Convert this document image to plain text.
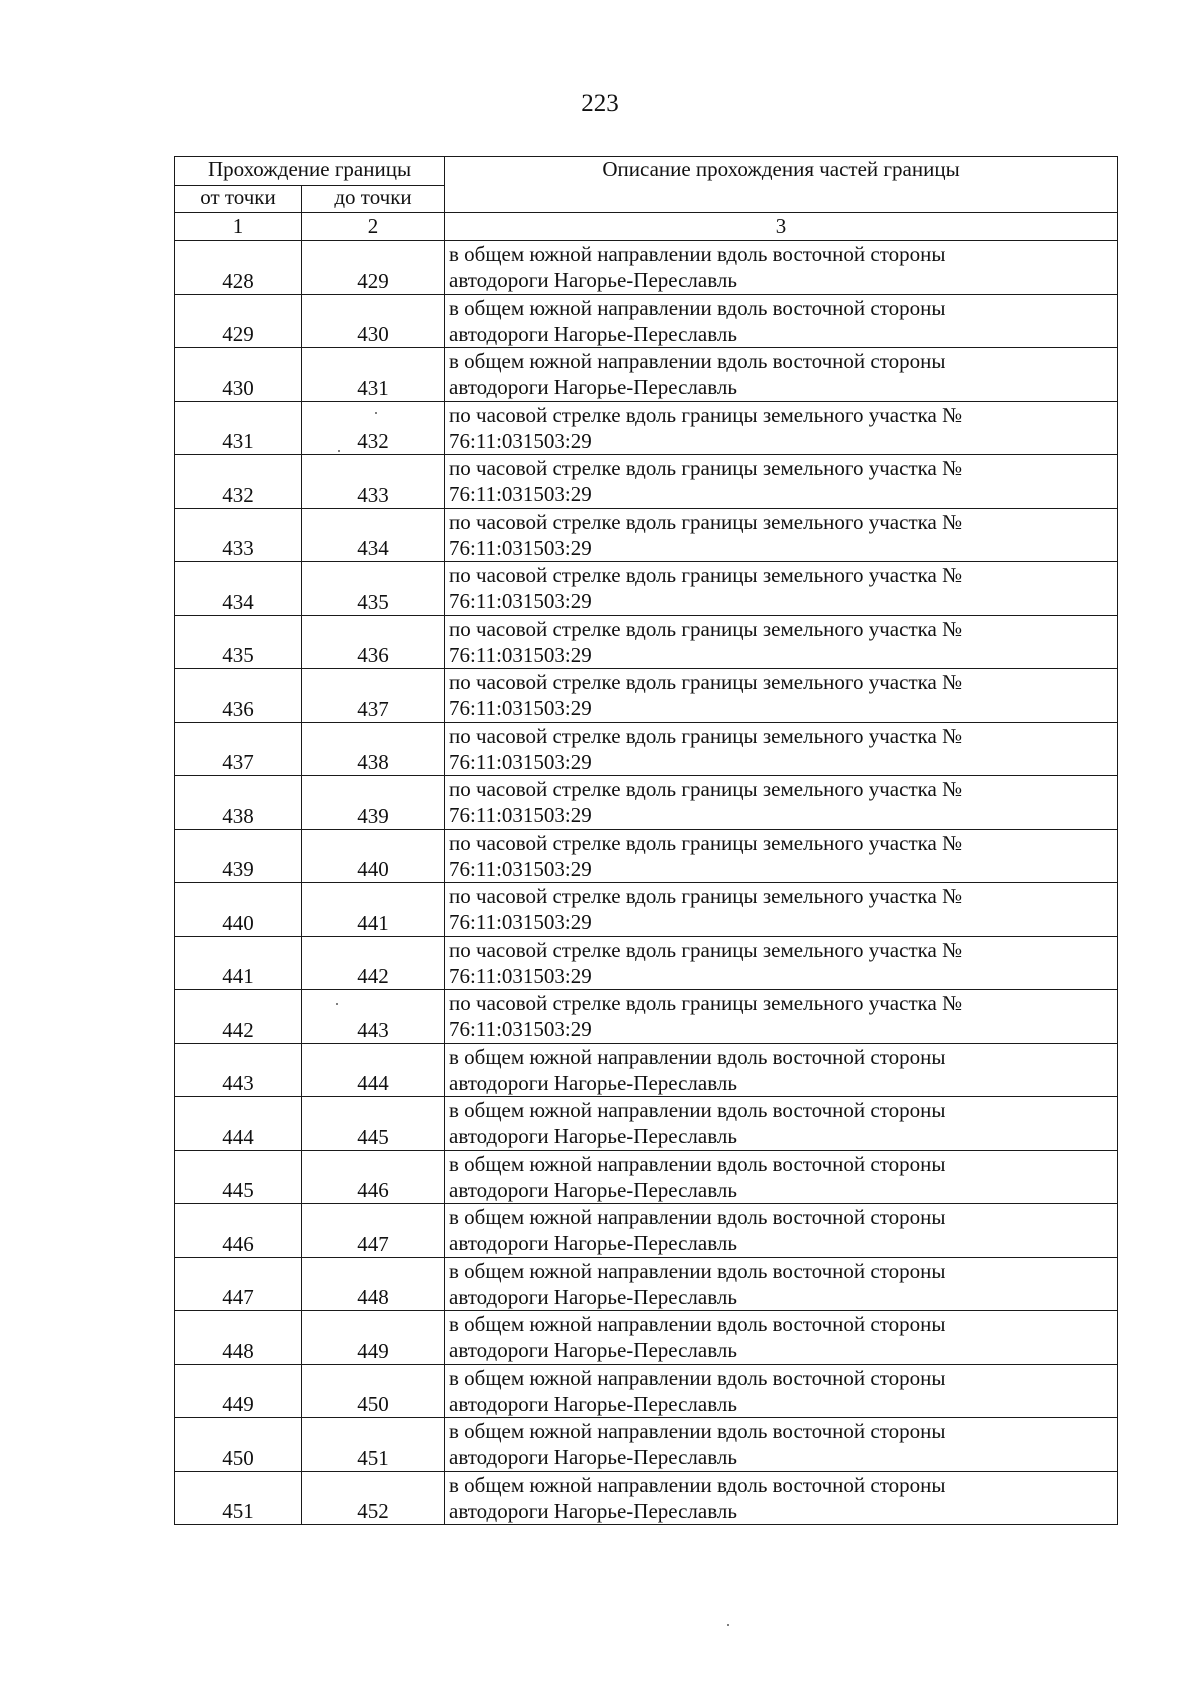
223
Прохождение границы		Описание прохождения частей границы
от точки	до точки	
1	2	3
428	429	в общем южной направлении вдоль восточной стороны
автодороги Нагорье-Переславль

429	430	в общем южной направлении вдоль восточной стороны
автодороги Нагорье-Переславль

430	431	в общем южной направлении вдоль восточной стороны
автодороги Нагорье-Переславль

431	432	по часовой стрелке вдоль границы земельного участка №
76:11:031503:29

432	433	по часовой стрелке вдоль границы земельного участка №
76:11:031503:29

433	434	по часовой стрелке вдоль границы земельного участка №
76:11:031503:29

434	435	по часовой стрелке вдоль границы земельного участка №
76:11:031503:29

435	436	по часовой стрелке вдоль границы земельного участка №
76:11:031503:29

436	437	по часовой стрелке вдоль границы земельного участка №
76:11:031503:29

437	438	по часовой стрелке вдоль границы земельного участка №
76:11:031503:29

438	439	по часовой стрелке вдоль границы земельного участка №
76:11:031503:29

439	440	по часовой стрелке вдоль границы земельного участка №
76:11:031503:29

440	441	по часовой стрелке вдоль границы земельного участка №
76:11:031503:29

441	442	по часовой стрелке вдоль границы земельного участка №
76:11:031503:29

442	443	по часовой стрелке вдоль границы земельного участка №
76:11:031503:29

443	444	в общем южной направлении вдоль восточной стороны
автодороги Нагорье-Переславль

444	445	в общем южной направлении вдоль восточной стороны
автодороги Нагорье-Переславль

445	446	в общем южной направлении вдоль восточной стороны
автодороги Нагорье-Переславль

446	447	в общем южной направлении вдоль восточной стороны
автодороги Нагорье-Переславль

447	448	в общем южной направлении вдоль восточной стороны
автодороги Нагорье-Переславль

448	449	в общем южной направлении вдоль восточной стороны
автодороги Нагорье-Переславль

449	450	в общем южной направлении вдоль восточной стороны
автодороги Нагорье-Переславль

450	451	в общем южной направлении вдоль восточной стороны
автодороги Нагорье-Переславль

451	452	в общем южной направлении вдоль восточной стороны
автодороги Нагорье-Переславль
